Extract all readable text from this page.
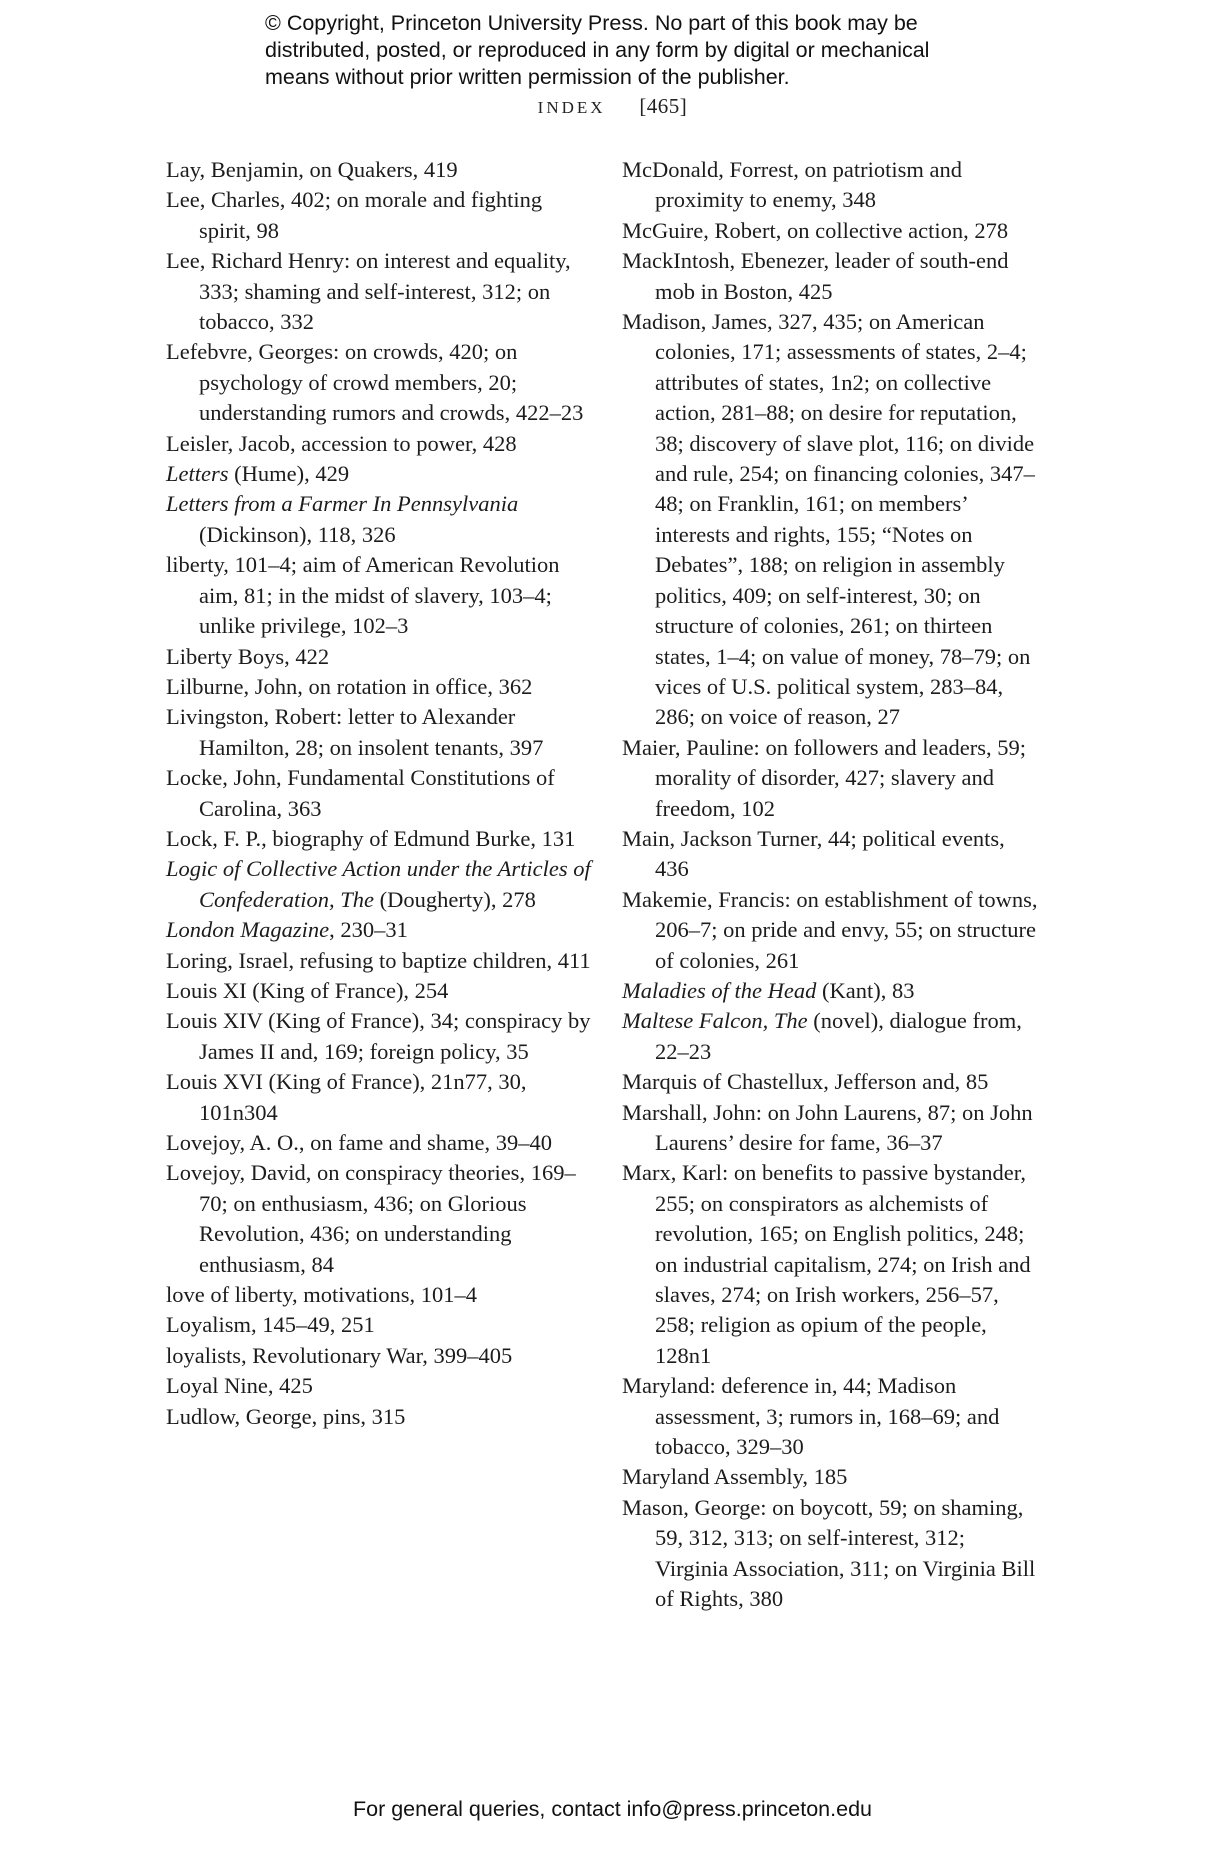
© Copyright, Princeton University Press. No part of this book may be
distributed, posted, or reproduced in any form by digital or mechanical
means without prior written permission of the publisher.
INDEX [465]

Lay, Benjamin, on Quakers, 419

Lee, Charles, 402; on morale and fighting spirit, 98

Lee, Richard Henry: on interest and equality, 333; shaming and self-interest, 312; on tobacco, 332

Lefebvre, Georges: on crowds, 420; on psychology of crowd members, 20; understanding rumors and crowds, 422–23

Leisler, Jacob, accession to power, 428

Letters (Hume), 429

Letters from a Farmer In Pennsylvania (Dickinson), 118, 326

liberty, 101–4; aim of American Revolution aim, 81; in the midst of slavery, 103–4; unlike privilege, 102–3

Liberty Boys, 422

Lilburne, John, on rotation in office, 362

Livingston, Robert: letter to Alexander Hamilton, 28; on insolent tenants, 397

Locke, John, Fundamental Constitutions of Carolina, 363

Lock, F. P., biography of Edmund Burke, 131

Logic of Collective Action under the Articles of Confederation, The (Dougherty), 278

London Magazine, 230–31

Loring, Israel, refusing to baptize children, 411

Louis XI (King of France), 254

Louis XIV (King of France), 34; conspiracy by James II and, 169; foreign policy, 35

Louis XVI (King of France), 21n77, 30, 101n304

Lovejoy, A. O., on fame and shame, 39–40

Lovejoy, David, on conspiracy theories, 169–70; on enthusiasm, 436; on Glorious Revolution, 436; on understanding enthusiasm, 84

love of liberty, motivations, 101–4

Loyalism, 145–49, 251

loyalists, Revolutionary War, 399–405

Loyal Nine, 425

Ludlow, George, pins, 315

McDonald, Forrest, on patriotism and proximity to enemy, 348

McGuire, Robert, on collective action, 278

MackIntosh, Ebenezer, leader of south-end mob in Boston, 425

Madison, James, 327, 435; on American colonies, 171; assessments of states, 2–4; attributes of states, 1n2; on collective action, 281–88; on desire for reputation, 38; discovery of slave plot, 116; on divide and rule, 254; on financing colonies, 347–48; on Franklin, 161; on members’ interests and rights, 155; “Notes on Debates”, 188; on religion in assembly politics, 409; on self-interest, 30; on structure of colonies, 261; on thirteen states, 1–4; on value of money, 78–79; on vices of U.S. political system, 283–84, 286; on voice of reason, 27

Maier, Pauline: on followers and leaders, 59; morality of disorder, 427; slavery and freedom, 102

Main, Jackson Turner, 44; political events, 436

Makemie, Francis: on establishment of towns, 206–7; on pride and envy, 55; on structure of colonies, 261

Maladies of the Head (Kant), 83

Maltese Falcon, The (novel), dialogue from, 22–23

Marquis of Chastellux, Jefferson and, 85

Marshall, John: on John Laurens, 87; on John Laurens’ desire for fame, 36–37

Marx, Karl: on benefits to passive bystander, 255; on conspirators as alchemists of revolution, 165; on English politics, 248; on industrial capitalism, 274; on Irish and slaves, 274; on Irish workers, 256–57, 258; religion as opium of the people, 128n1

Maryland: deference in, 44; Madison assessment, 3; rumors in, 168–69; and tobacco, 329–30

Maryland Assembly, 185

Mason, George: on boycott, 59; on shaming, 59, 312, 313; on self-interest, 312; Virginia Association, 311; on Virginia Bill of Rights, 380

For general queries, contact info@press.princeton.edu
